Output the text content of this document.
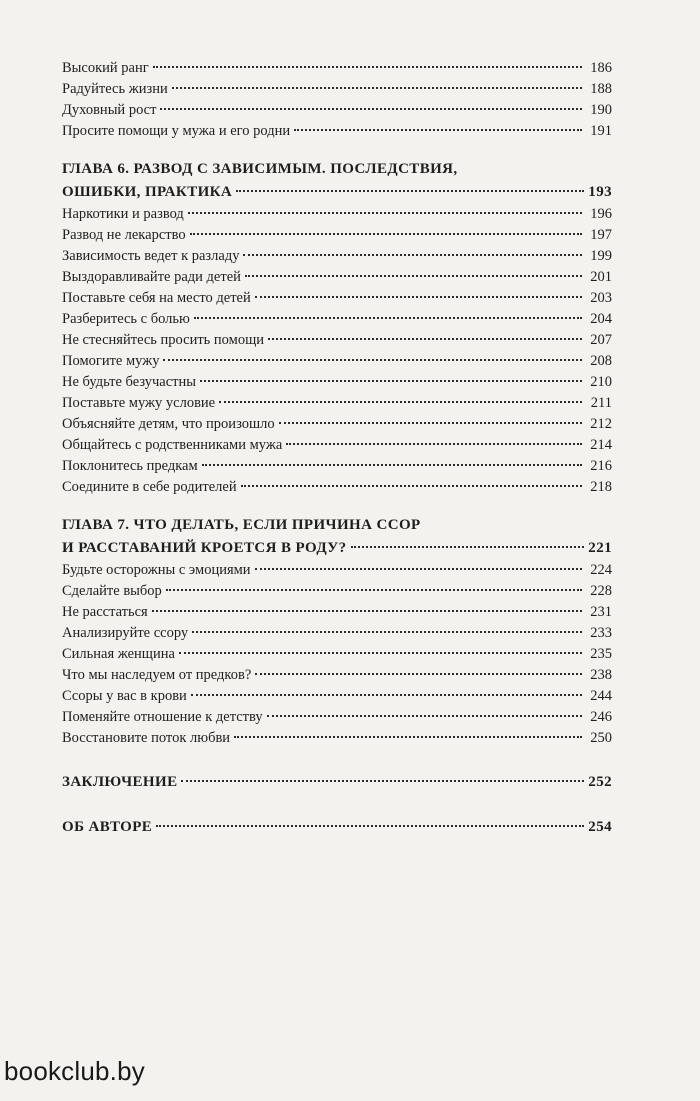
Высокий ранг	186
Радуйтесь жизни	188
Духовный рост	190
Просите помощи у мужа и его родни	191
ГЛАВА 6. РАЗВОД С ЗАВИСИМЫМ. ПОСЛЕДСТВИЯ,
ОШИБКИ, ПРАКТИКА	193
Наркотики и развод	196
Развод не лекарство	197
Зависимость ведет к разладу	199
Выздоравливайте ради детей	201
Поставьте себя на место детей	203
Разберитесь с болью	204
Не стесняйтесь просить помощи	207
Помогите мужу	208
Не будьте безучастны	210
Поставьте мужу условие	211
Объясняйте детям, что произошло	212
Общайтесь с родственниками мужа	214
Поклонитесь предкам	216
Соедините в себе родителей	218
ГЛАВА 7. ЧТО ДЕЛАТЬ, ЕСЛИ ПРИЧИНА ССОР
И РАССТАВАНИЙ КРОЕТСЯ В РОДУ?	221
Будьте осторожны с эмоциями	224
Сделайте выбор	228
Не расстаться	231
Анализируйте ссору	233
Сильная женщина	235
Что мы наследуем от предков?	238
Ссоры у вас в крови	244
Поменяйте отношение к детству	246
Восстановите поток любви	250
ЗАКЛЮЧЕНИЕ	252
ОБ АВТОРЕ	254
bookclub.by
